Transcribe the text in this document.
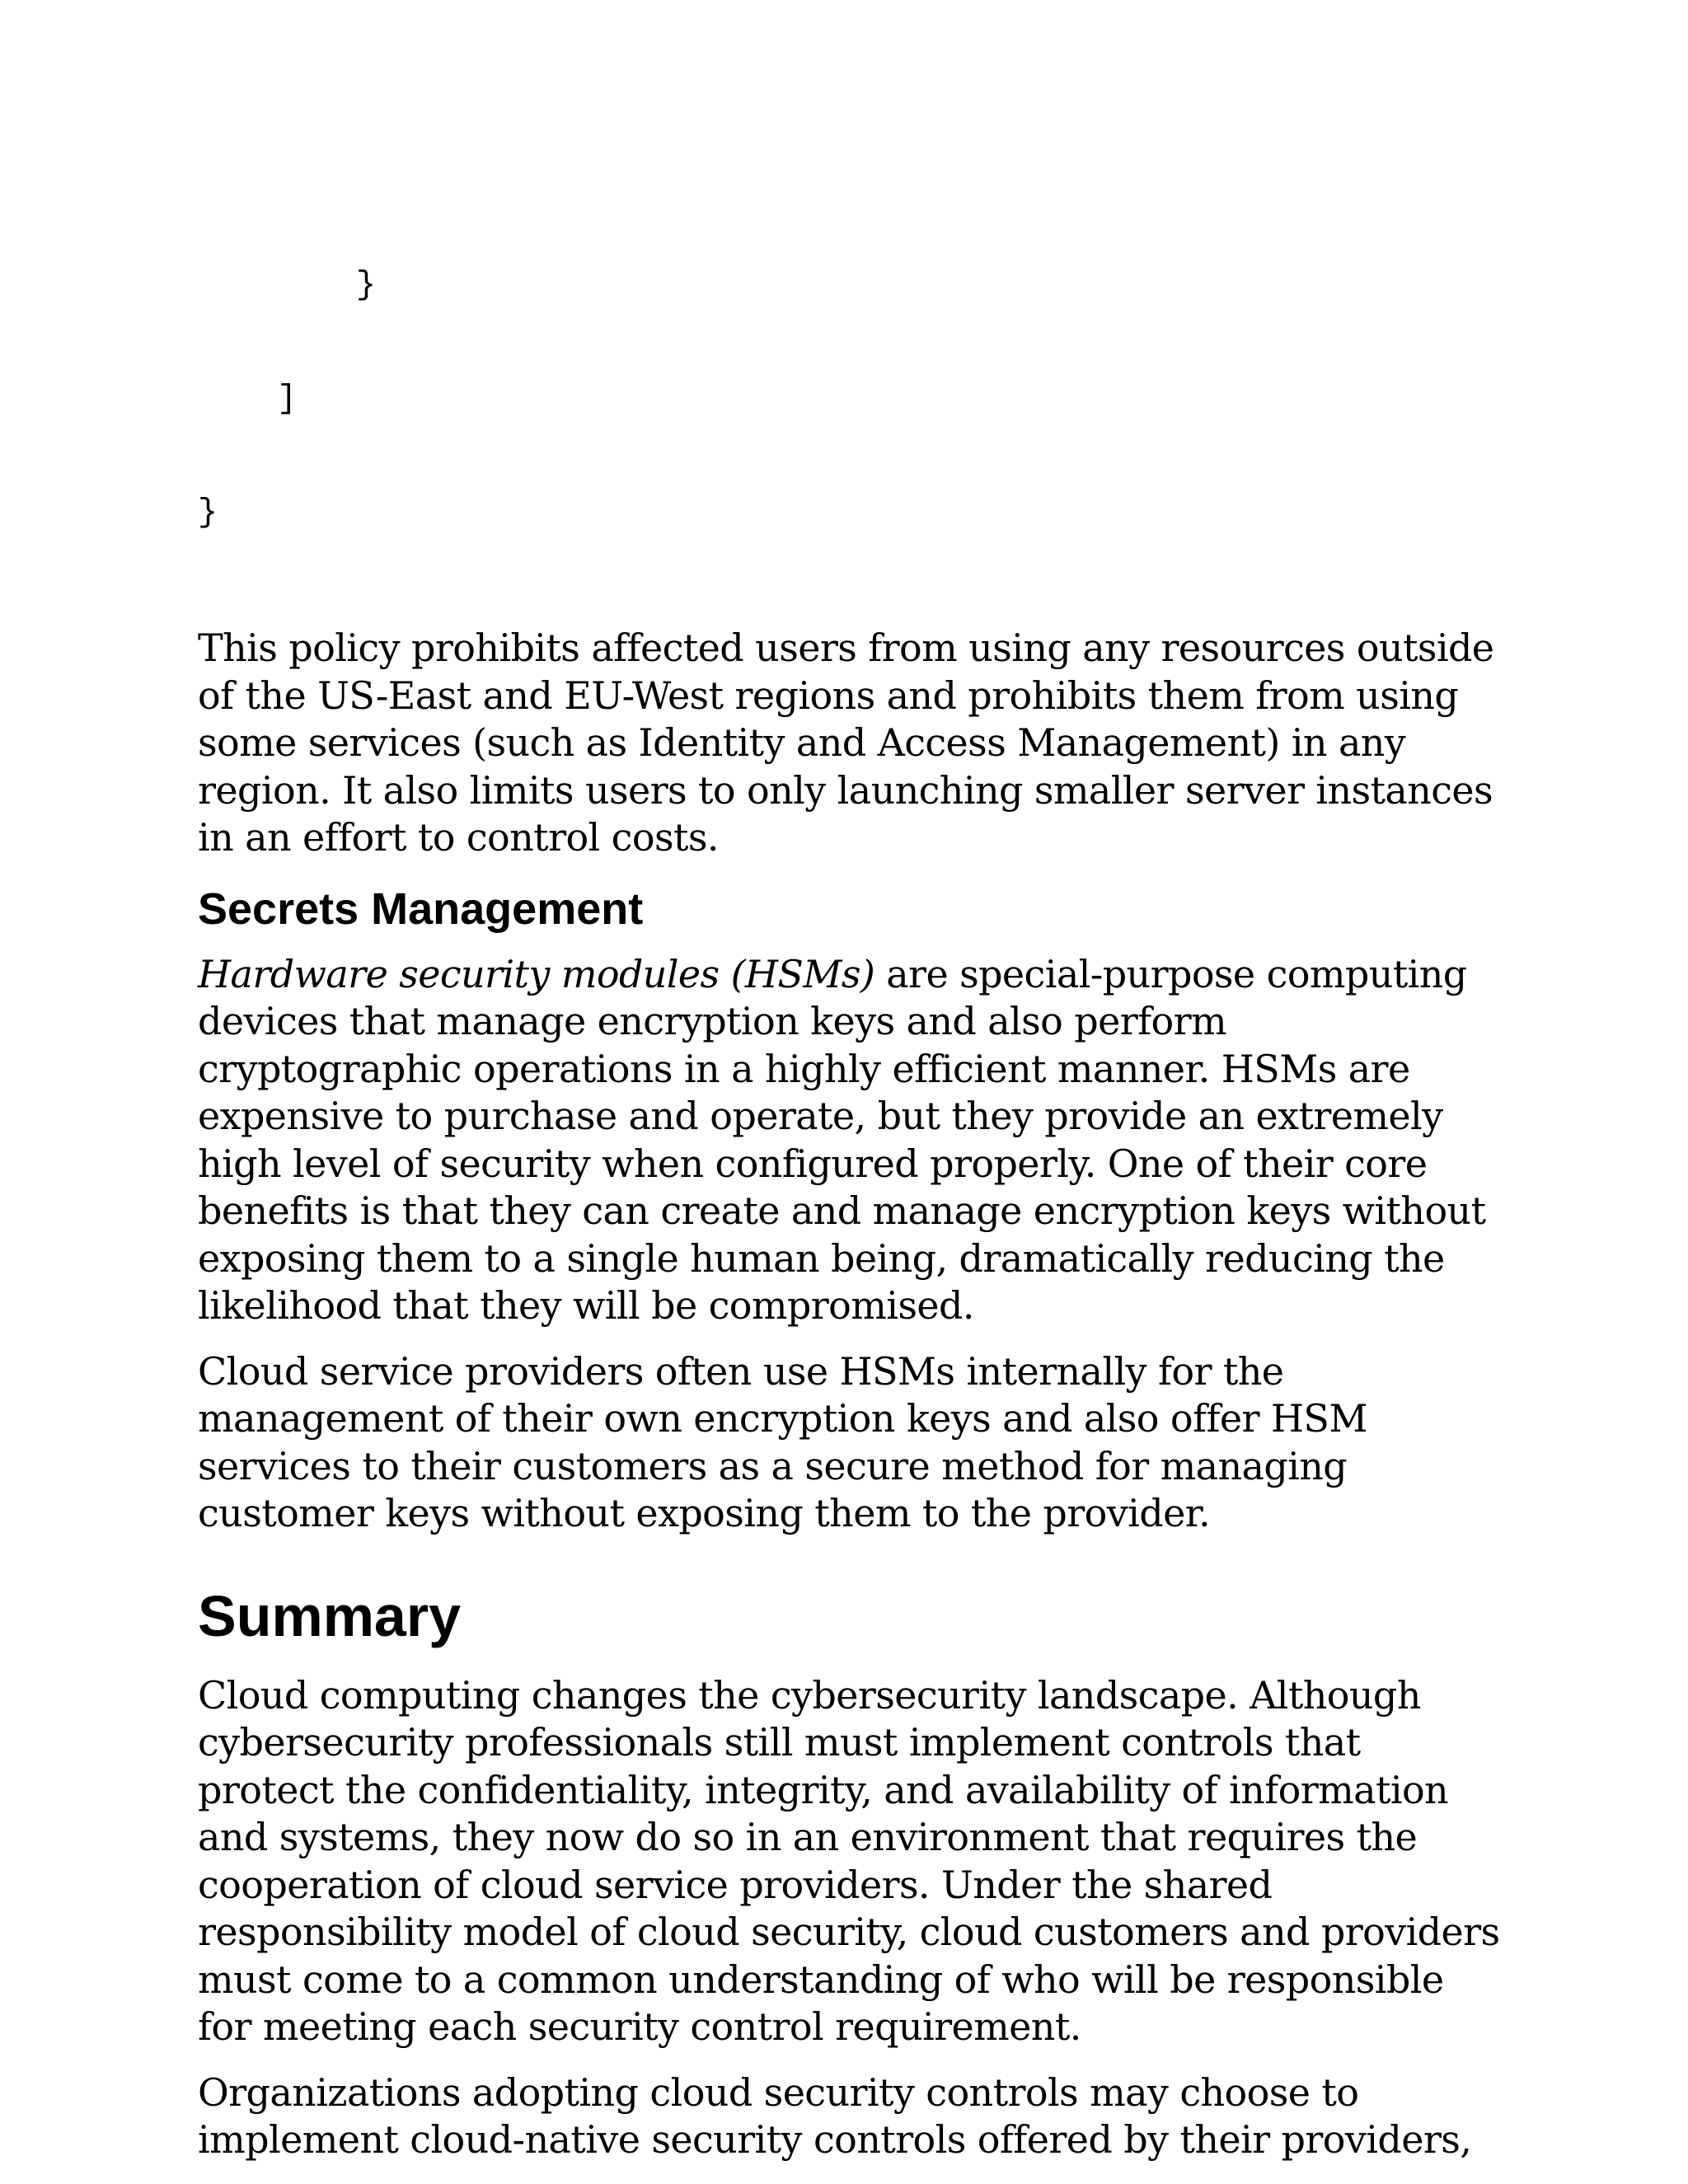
}

]

}

This policy prohibits affected users from using any resources outside of the US-East and EU-West regions and prohibits them from using some services (such as Identity and Access Management) in any region. It also limits users to only launching smaller server instances in an effort to control costs.

Secrets Management

Hardware security modules (HSMs) are special-purpose computing devices that manage encryption keys and also perform cryptographic operations in a highly efficient manner. HSMs are expensive to purchase and operate, but they provide an extremely high level of security when configured properly. One of their core benefits is that they can create and manage encryption keys without exposing them to a single human being, dramatically reducing the likelihood that they will be compromised.

Cloud service providers often use HSMs internally for the management of their own encryption keys and also offer HSM services to their customers as a secure method for managing customer keys without exposing them to the provider.

Summary

Cloud computing changes the cybersecurity landscape. Although cybersecurity professionals still must implement controls that protect the confidentiality, integrity, and availability of information and systems, they now do so in an environment that requires the cooperation of cloud service providers. Under the shared responsibility model of cloud security, cloud customers and providers must come to a common understanding of who will be responsible for meeting each security control requirement.

Organizations adopting cloud security controls may choose to implement cloud-native security controls offered by their providers,
